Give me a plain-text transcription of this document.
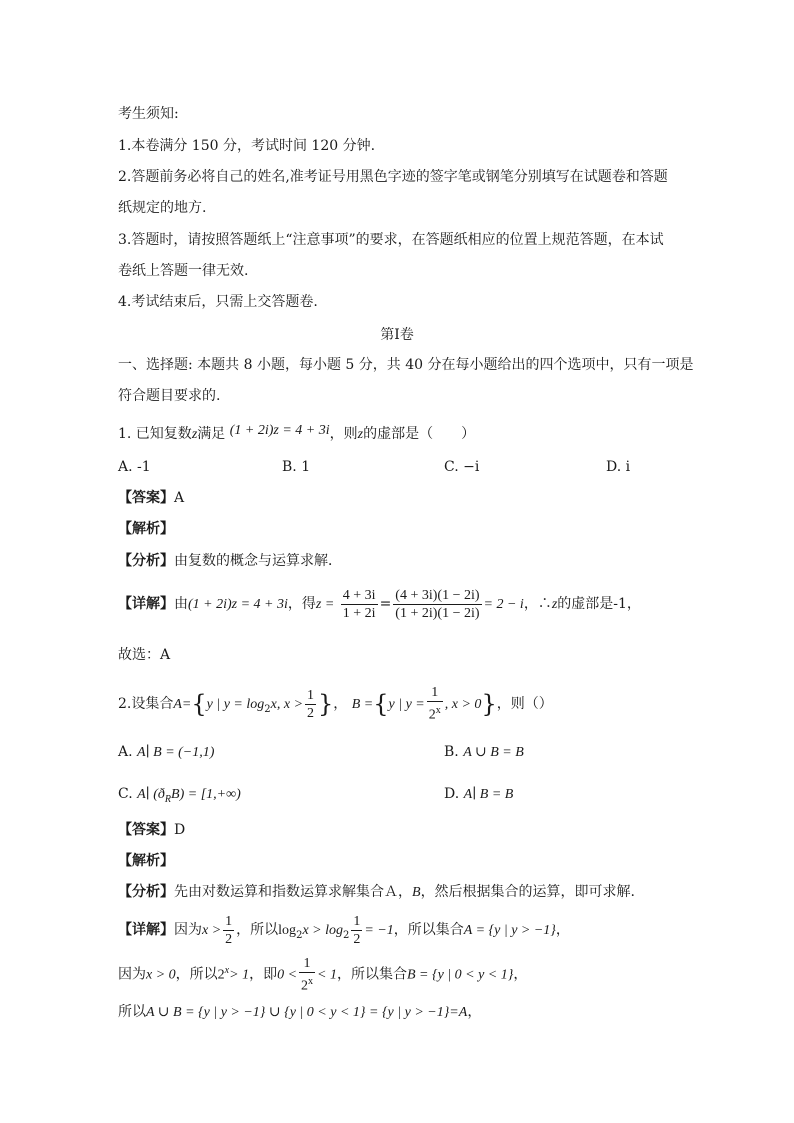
考生须知:
1.本卷满分 150 分，考试时间 120 分钟.
2.答题前务必将自己的姓名,准考证号用黑色字迹的签字笔或钢笔分别填写在试题卷和答题
纸规定的地方.
3.答题时，请按照答题纸上“注意事项”的要求，在答题纸相应的位置上规范答题，在本试
卷纸上答题一律无效.
4.考试结束后，只需上交答题卷.
第Ⅰ卷
一、选择题: 本题共 8 小题，每小题 5 分，共 40 分在每小题给出的四个选项中，只有一项是
符合题目要求的.
1. 已知复数z满足 (1 + 2i)z = 4 + 3i，则z的虚部是（　　）
A. -1	B. 1	C. −i	D. i
【答案】A
【解析】
【分析】由复数的概念与运算求解．
【详解】由(1 + 2i)z = 4 + 3i，得$z = \frac{4 + 3i}{1 + 2i} = \frac{(4 + 3i)(1 - 2i)}{(1 + 2i)(1 - 2i)} = 2 - i$，∴z的虚部是-1，
故选：A
2.设集合A={y | $y = \log_2x$, $x > \frac{1}{2}$ }， B ={y | $y = \frac{1}{2^x}$ , x > 0}，则（）
A. A∣ B = (−1,1)	B. A ∪ B = B
C. A∣ $(ð_RB) = [1,+\infty)$	D. A∣ B = B
【答案】D
【解析】
【分析】先由对数运算和指数运算求解集合Ａ，B，然后根据集合的运算，即可求解.
【详解】因为$x > \frac{1}{2}$ ，所以$\log_2x > \log_2 \frac{1}{2} = -1$，所以集合A = {y | y > −1}，
因为x > 0，所以$2^x> 1$，即$0 < \frac{1}{2^x} < 1$，所以集合B = {y | 0 < y < 1}，
所以A ∪ B = {y | y > −1} ∪ {y | 0 < y < 1} = {y | y > −1}=A，
